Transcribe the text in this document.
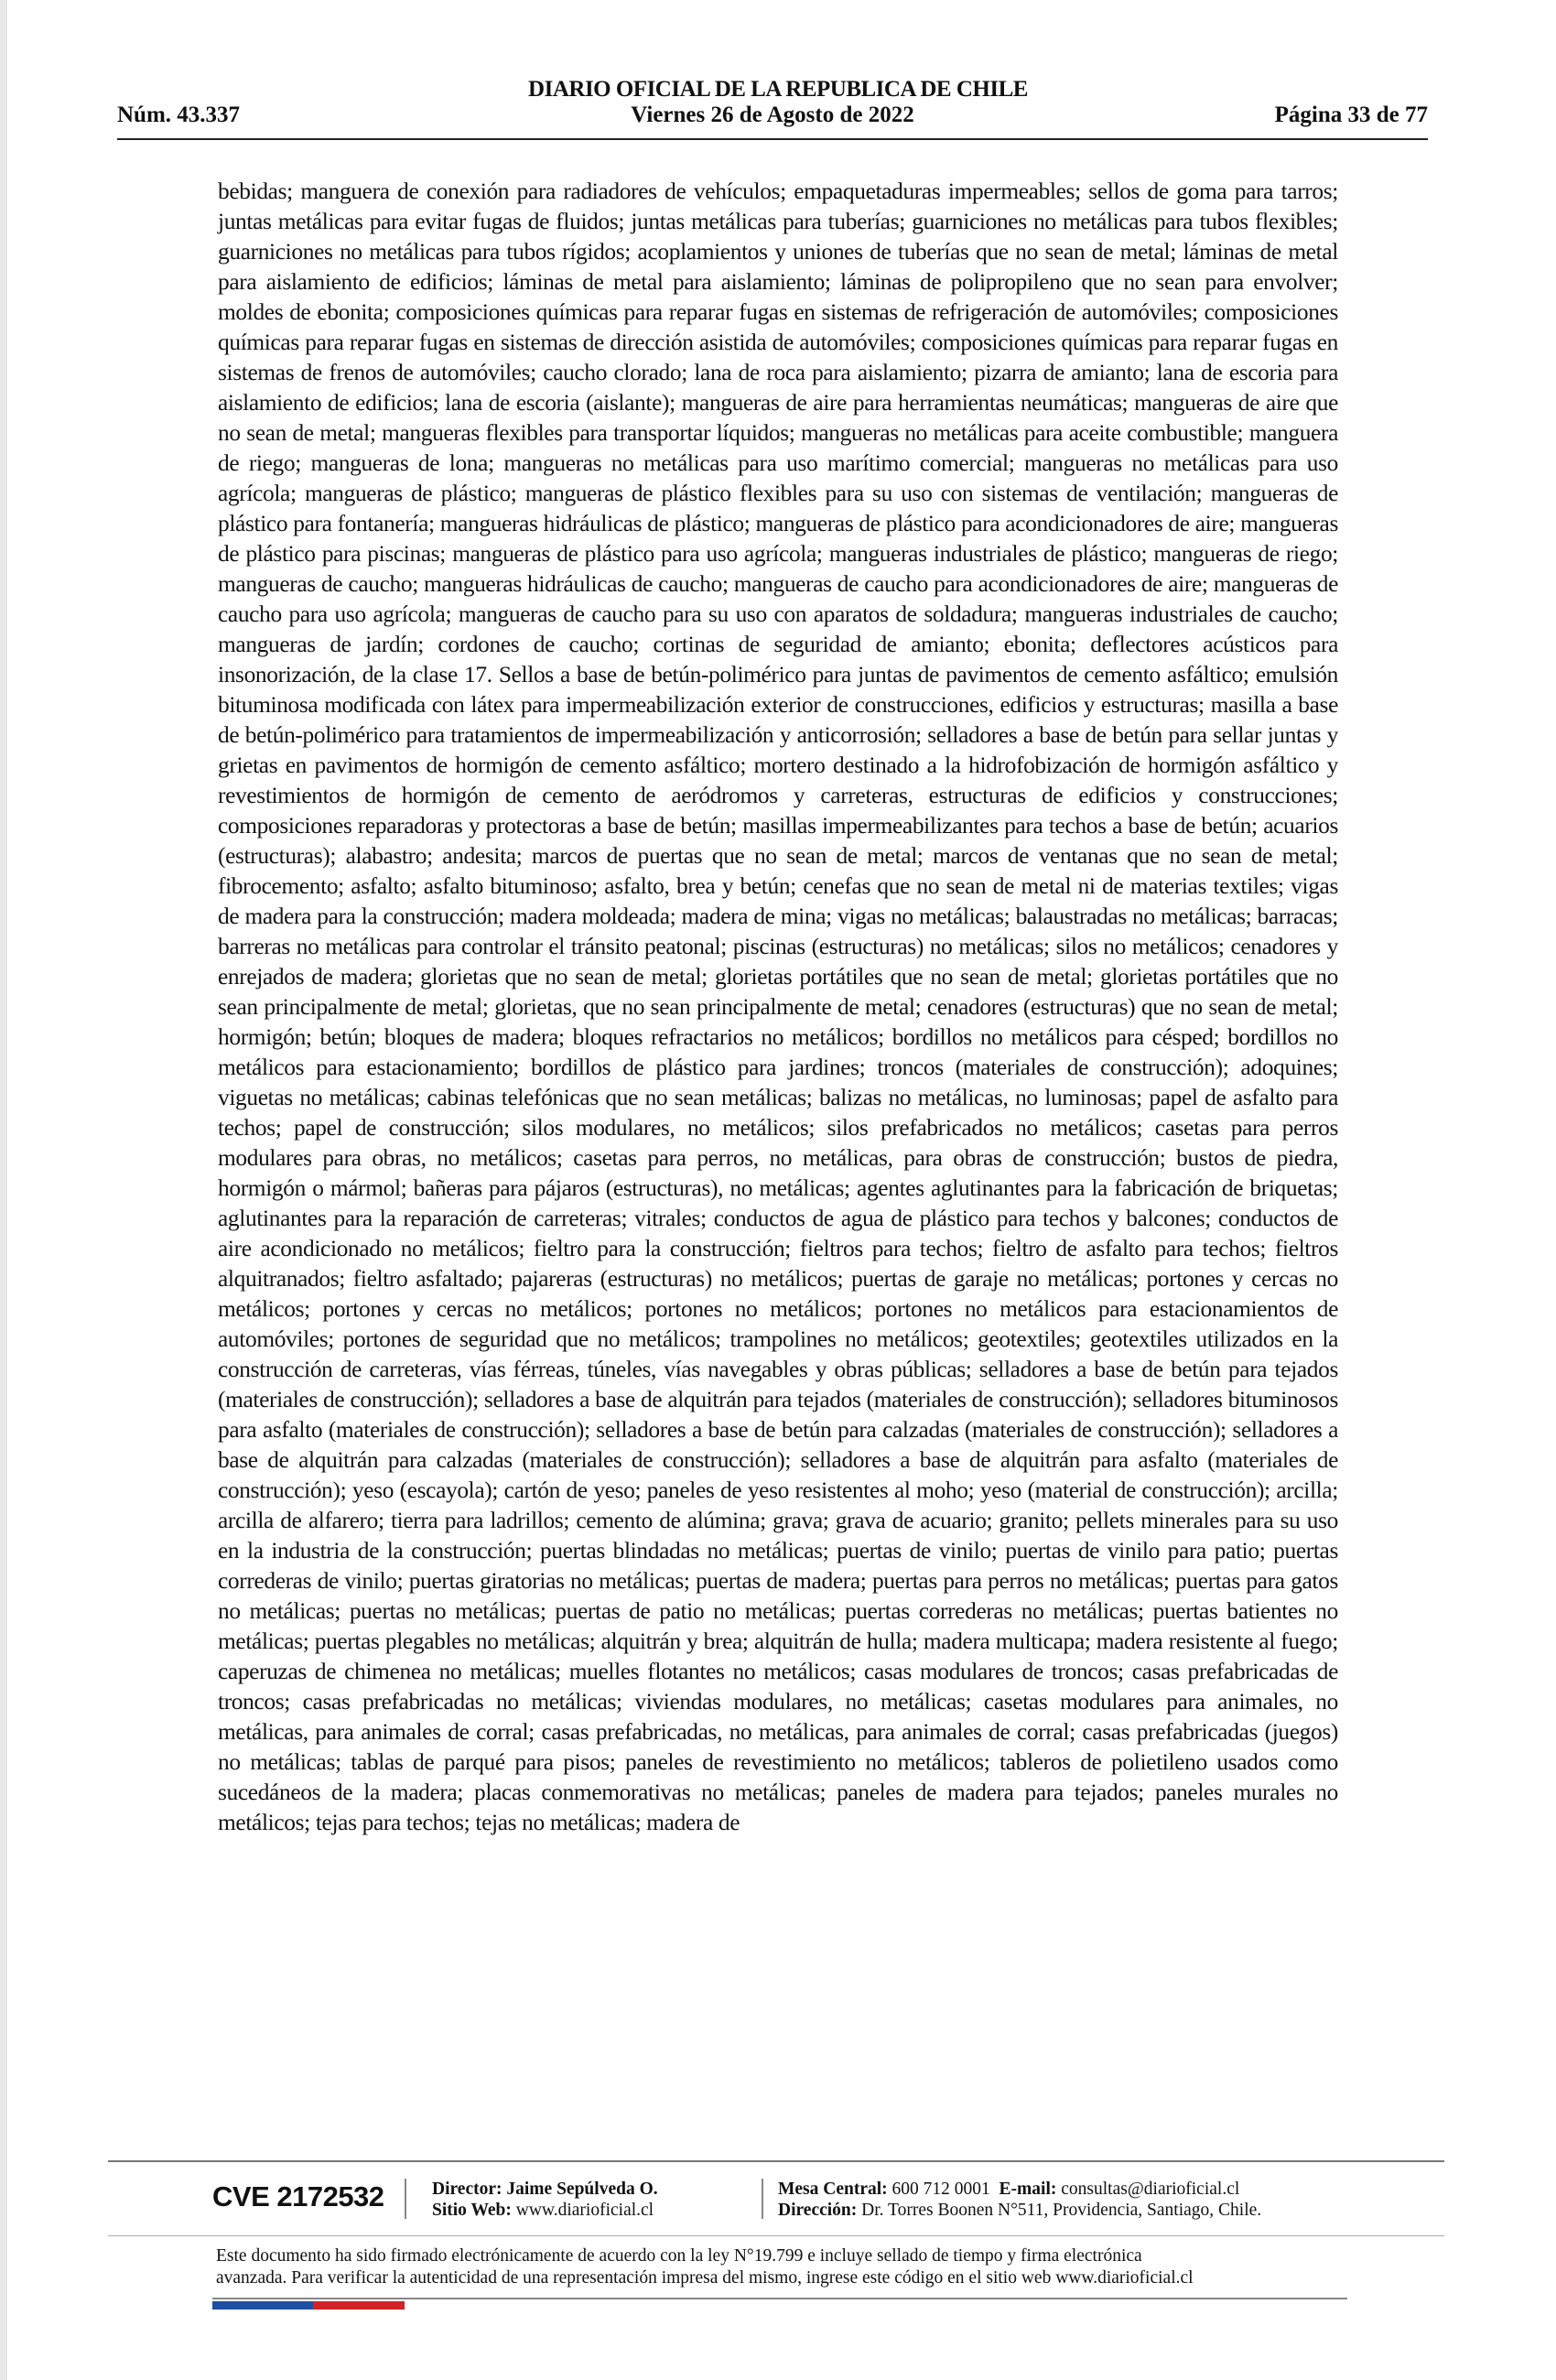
DIARIO OFICIAL DE LA REPUBLICA DE CHILE
Viernes 26 de Agosto de 2022
Núm. 43.337	Página 33 de 77

bebidas; manguera de conexión para radiadores de vehículos; empaquetaduras impermeables; sellos de goma para tarros; juntas metálicas para evitar fugas de fluidos; juntas metálicas para tuberías; guarniciones no metálicas para tubos flexibles; guarniciones no metálicas para tubos rígidos; acoplamientos y uniones de tuberías que no sean de metal; láminas de metal para aislamiento de edificios; láminas de metal para aislamiento; láminas de polipropileno que no sean para envolver; moldes de ebonita; composiciones químicas para reparar fugas en sistemas de refrigeración de automóviles; composiciones químicas para reparar fugas en sistemas de dirección asistida de automóviles; composiciones químicas para reparar fugas en sistemas de frenos de automóviles; caucho clorado; lana de roca para aislamiento; pizarra de amianto; lana de escoria para aislamiento de edificios; lana de escoria (aislante); mangueras de aire para herramientas neumáticas; mangueras de aire que no sean de metal; mangueras flexibles para transportar líquidos; mangueras no metálicas para aceite combustible; manguera de riego; mangueras de lona; mangueras no metálicas para uso marítimo comercial; mangueras no metálicas para uso agrícola; mangueras de plástico; mangueras de plástico flexibles para su uso con sistemas de ventilación; mangueras de plástico para fontanería; mangueras hidráulicas de plástico; mangueras de plástico para acondicionadores de aire; mangueras de plástico para piscinas; mangueras de plástico para uso agrícola; mangueras industriales de plástico; mangueras de riego; mangueras de caucho; mangueras hidráulicas de caucho; mangueras de caucho para acondicionadores de aire; mangueras de caucho para uso agrícola; mangueras de caucho para su uso con aparatos de soldadura; mangueras industriales de caucho; mangueras de jardín; cordones de caucho; cortinas de seguridad de amianto; ebonita; deflectores acústicos para insonorización, de la clase 17. Sellos a base de betún-polimérico para juntas de pavimentos de cemento asfáltico; emulsión bituminosa modificada con látex para impermeabilización exterior de construcciones, edificios y estructuras; masilla a base de betún-polimérico para tratamientos de impermeabilización y anticorrosión; selladores a base de betún para sellar juntas y grietas en pavimentos de hormigón de cemento asfáltico; mortero destinado a la hidrofobización de hormigón asfáltico y revestimientos de hormigón de cemento de aeródromos y carreteras, estructuras de edificios y construcciones; composiciones reparadoras y protectoras a base de betún; masillas impermeabilizantes para techos a base de betún; acuarios (estructuras); alabastro; andesita; marcos de puertas que no sean de metal; marcos de ventanas que no sean de metal; fibrocemento; asfalto; asfalto bituminoso; asfalto, brea y betún; cenefas que no sean de metal ni de materias textiles; vigas de madera para la construcción; madera moldeada; madera de mina; vigas no metálicas; balaustradas no metálicas; barracas; barreras no metálicas para controlar el tránsito peatonal; piscinas (estructuras) no metálicas; silos no metálicos; cenadores y enrejados de madera; glorietas que no sean de metal; glorietas portátiles que no sean de metal; glorietas portátiles que no sean principalmente de metal; glorietas, que no sean principalmente de metal; cenadores (estructuras) que no sean de metal; hormigón; betún; bloques de madera; bloques refractarios no metálicos; bordillos no metálicos para césped; bordillos no metálicos para estacionamiento; bordillos de plástico para jardines; troncos (materiales de construcción); adoquines; viguetas no metálicas; cabinas telefónicas que no sean metálicas; balizas no metálicas, no luminosas; papel de asfalto para techos; papel de construcción; silos modulares, no metálicos; silos prefabricados no metálicos; casetas para perros modulares para obras, no metálicos; casetas para perros, no metálicas, para obras de construcción; bustos de piedra, hormigón o mármol; bañeras para pájaros (estructuras), no metálicas; agentes aglutinantes para la fabricación de briquetas; aglutinantes para la reparación de carreteras; vitrales; conductos de agua de plástico para techos y balcones; conductos de aire acondicionado no metálicos; fieltro para la construcción; fieltros para techos; fieltro de asfalto para techos; fieltros alquitranados; fieltro asfaltado; pajareras (estructuras) no metálicos; puertas de garaje no metálicas; portones y cercas no metálicos; portones y cercas no metálicos; portones no metálicos; portones no metálicos para estacionamientos de automóviles; portones de seguridad que no metálicos; trampolines no metálicos; geotextiles; geotextiles utilizados en la construcción de carreteras, vías férreas, túneles, vías navegables y obras públicas; selladores a base de betún para tejados (materiales de construcción); selladores a base de alquitrán para tejados (materiales de construcción); selladores bituminosos para asfalto (materiales de construcción); selladores a base de betún para calzadas (materiales de construcción); selladores a base de alquitrán para calzadas (materiales de construcción); selladores a base de alquitrán para asfalto (materiales de construcción); yeso (escayola); cartón de yeso; paneles de yeso resistentes al moho; yeso (material de construcción); arcilla; arcilla de alfarero; tierra para ladrillos; cemento de alúmina; grava; grava de acuario; granito; pellets minerales para su uso en la industria de la construcción; puertas blindadas no metálicas; puertas de vinilo; puertas de vinilo para patio; puertas correderas de vinilo; puertas giratorias no metálicas; puertas de madera; puertas para perros no metálicas; puertas para gatos no metálicas; puertas no metálicas; puertas de patio no metálicas; puertas correderas no metálicas; puertas batientes no metálicas; puertas plegables no metálicas; alquitrán y brea; alquitrán de hulla; madera multicapa; madera resistente al fuego; caperuzas de chimenea no metálicas; muelles flotantes no metálicos; casas modulares de troncos; casas prefabricadas de troncos; casas prefabricadas no metálicas; viviendas modulares, no metálicas; casetas modulares para animales, no metálicas, para animales de corral; casas prefabricadas, no metálicas, para animales de corral; casas prefabricadas (juegos) no metálicas; tablas de parqué para pisos; paneles de revestimiento no metálicos; tableros de polietileno usados como sucedáneos de la madera; placas conmemorativas no metálicas; paneles de madera para tejados; paneles murales no metálicos; tejas para techos; tejas no metálicas; madera de

CVE 2172532	Director: Jaime Sepúlveda O.
Sitio Web: www.diarioficial.cl
Mesa Central: 600 712 0001 E-mail: consultas@diarioficial.cl
Dirección: Dr. Torres Boonen N°511, Providencia, Santiago, Chile.
Este documento ha sido firmado electrónicamente de acuerdo con la ley N°19.799 e incluye sellado de tiempo y firma electrónica
avanzada. Para verificar la autenticidad de una representación impresa del mismo, ingrese este código en el sitio web www.diarioficial.cl
